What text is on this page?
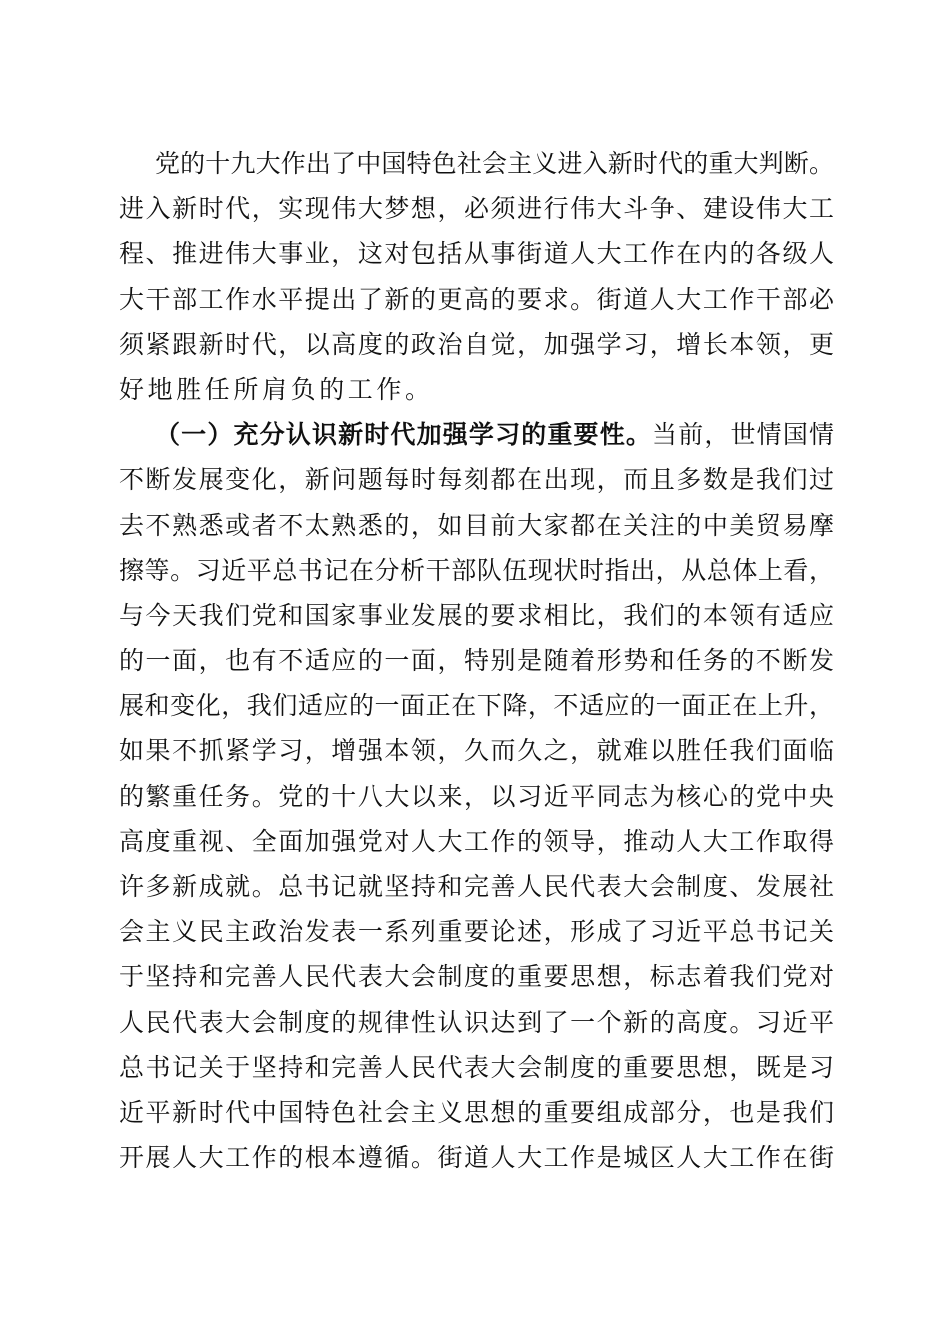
党的十九大作出了中国特色社会主义进入新时代的重大判断。
进入新时代，实现伟大梦想，必须进行伟大斗争、建设伟大工
程、推进伟大事业，这对包括从事街道人大工作在内的各级人
大干部工作水平提出了新的更高的要求。街道人大工作干部必
须紧跟新时代，以高度的政治自觉，加强学习，增长本领，更
好地胜任所肩负的工作。
（一）充分认识新时代加强学习的重要性。当前，世情国情
不断发展变化，新问题每时每刻都在出现，而且多数是我们过
去不熟悉或者不太熟悉的，如目前大家都在关注的中美贸易摩
擦等。习近平总书记在分析干部队伍现状时指出，从总体上看，
与今天我们党和国家事业发展的要求相比，我们的本领有适应
的一面，也有不适应的一面，特别是随着形势和任务的不断发
展和变化，我们适应的一面正在下降，不适应的一面正在上升，
如果不抓紧学习，增强本领，久而久之，就难以胜任我们面临
的繁重任务。党的十八大以来，以习近平同志为核心的党中央
高度重视、全面加强党对人大工作的领导，推动人大工作取得
许多新成就。总书记就坚持和完善人民代表大会制度、发展社
会主义民主政治发表一系列重要论述，形成了习近平总书记关
于坚持和完善人民代表大会制度的重要思想，标志着我们党对
人民代表大会制度的规律性认识达到了一个新的高度。习近平
总书记关于坚持和完善人民代表大会制度的重要思想，既是习
近平新时代中国特色社会主义思想的重要组成部分，也是我们
开展人大工作的根本遵循。街道人大工作是城区人大工作在街
